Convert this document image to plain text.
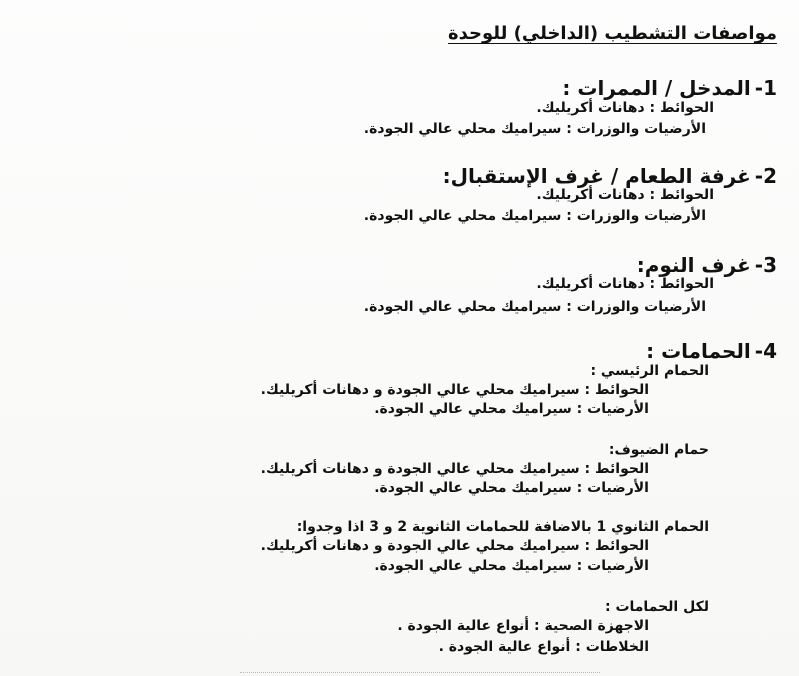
مواصفات التشطيب (الداخلي) للوحدة
1-المدخل / الممرات :
الحوائط : دهانات أكريليك.
الأرضيات والوزرات : سيراميك محلي عالي الجودة.
2-غرفة الطعام / غرف الإستقبال:
الحوائط : دهانات أكريليك.
الأرضيات والوزرات : سيراميك محلي عالي الجودة.
3-غرف النوم:
الحوائط : دهانات أكريليك.
الأرضيات والوزرات : سيراميك محلي عالي الجودة.
4-الحمامات :
الحمام الرئيسي :
الحوائط : سيراميك محلي عالي الجودة و دهانات أكريليك.
الأرضيات : سيراميك محلي عالي الجودة.
حمام الضيوف:
الحوائط : سيراميك محلي عالي الجودة و دهانات أكريليك.
الأرضيات : سيراميك محلي عالي الجودة.
الحمام الثانوي 1 بالاضافة للحمامات الثانوية 2 و 3 اذا وجدوا:
الحوائط : سيراميك محلي عالي الجودة و دهانات أكريليك.
الأرضيات : سيراميك محلي عالي الجودة.
لكل الحمامات :
الاجهزة الصحية : أنواع عالية الجودة .
الخلاطات : أنواع عالية الجودة .
